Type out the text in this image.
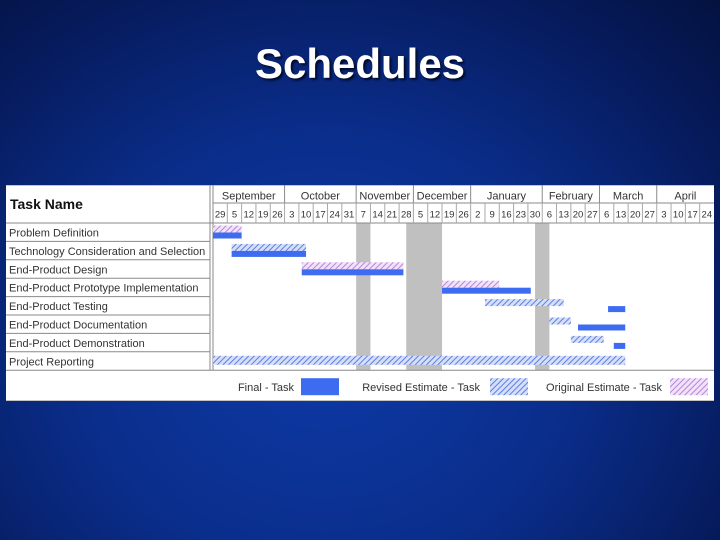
Schedules
September
29 5 12 19 26
October
3 10 17 24 31
November
7 14 21 28
December
5 12 19 26
January
2 9 16 23 30
February
6 13 20 27
March
6 13 20 27
April
3 10 17 24
Task Name
Problem Definition
Technology Consideration and Selection
End-Product Design
End-Product Prototype Implementation
End-Product Testing
End-Product Documentation
End-Product Demonstration
Project Reporting
Final - Task	Revised Estimate - Task	Original Estimate - Task
